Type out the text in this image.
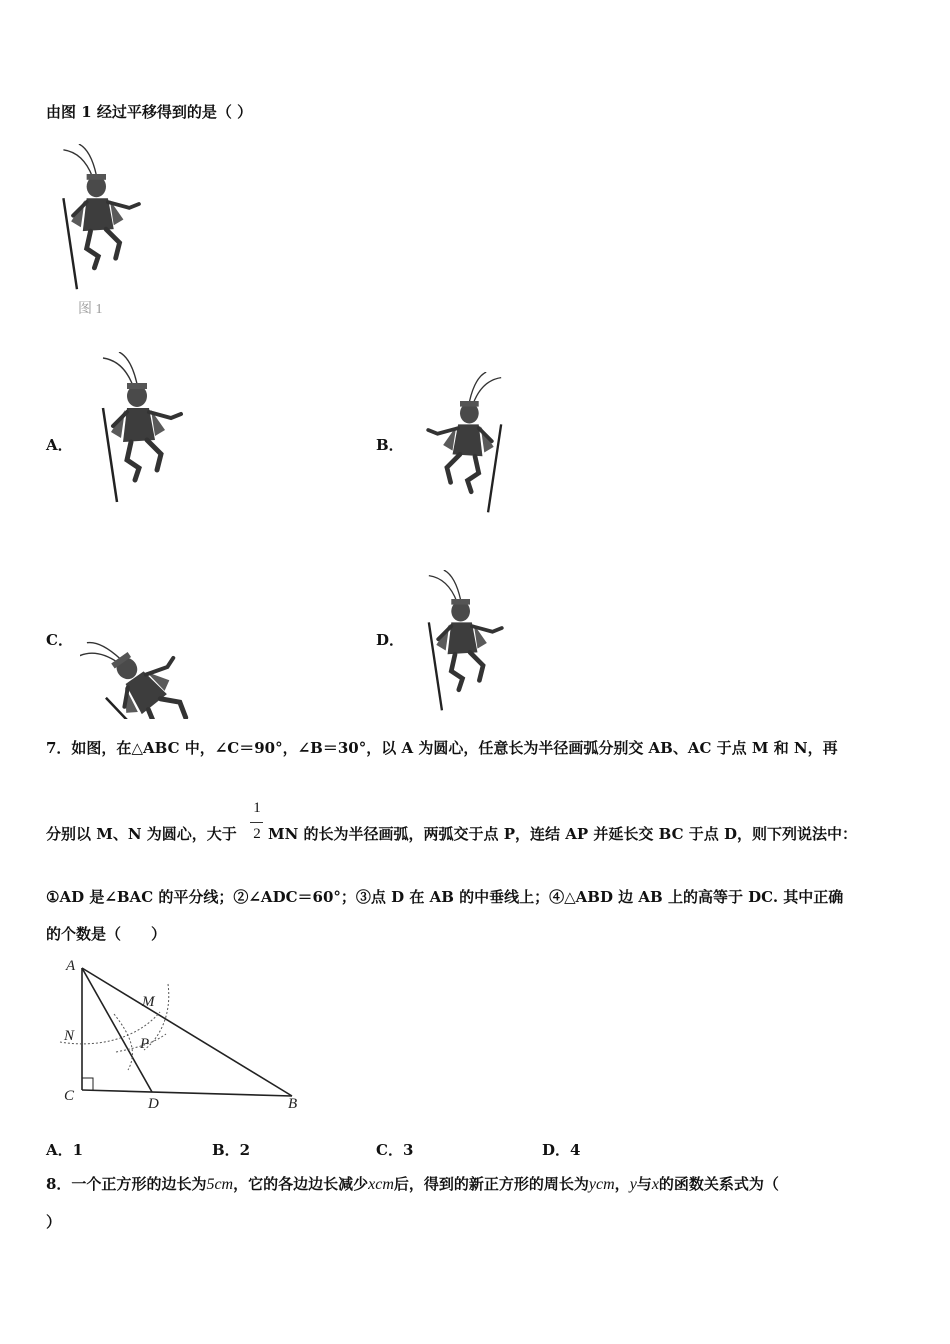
由图 1 经过平移得到的是（ ）
图 1
A．	B．
C．	D．
7．如图，在△ABC 中，∠C＝90°，∠B＝30°，以 A 为圆心，任意长为半径画弧分别交 AB、AC 于点 M 和 N，再
分别以 M、N 为圆心，大于
1
2 MN 的长为半径画弧，两弧交于点 P，连结 AP 并延长交 BC 于点 D，则下列说法中：
①AD 是∠BAC 的平分线；②∠ADC＝60°；③点 D 在 AB 的中垂线上；④△ABD 边 AB 上的高等于 DC. 其中正确
的个数是（　　）
A
M
N	P
C	D	B
A．1	B．2	C．3	D．4
8．一个正方形的边长为5cm，它的各边边长减少xcm后，得到的新正方形的周长为ycm，y与x的函数关系式为（
）
